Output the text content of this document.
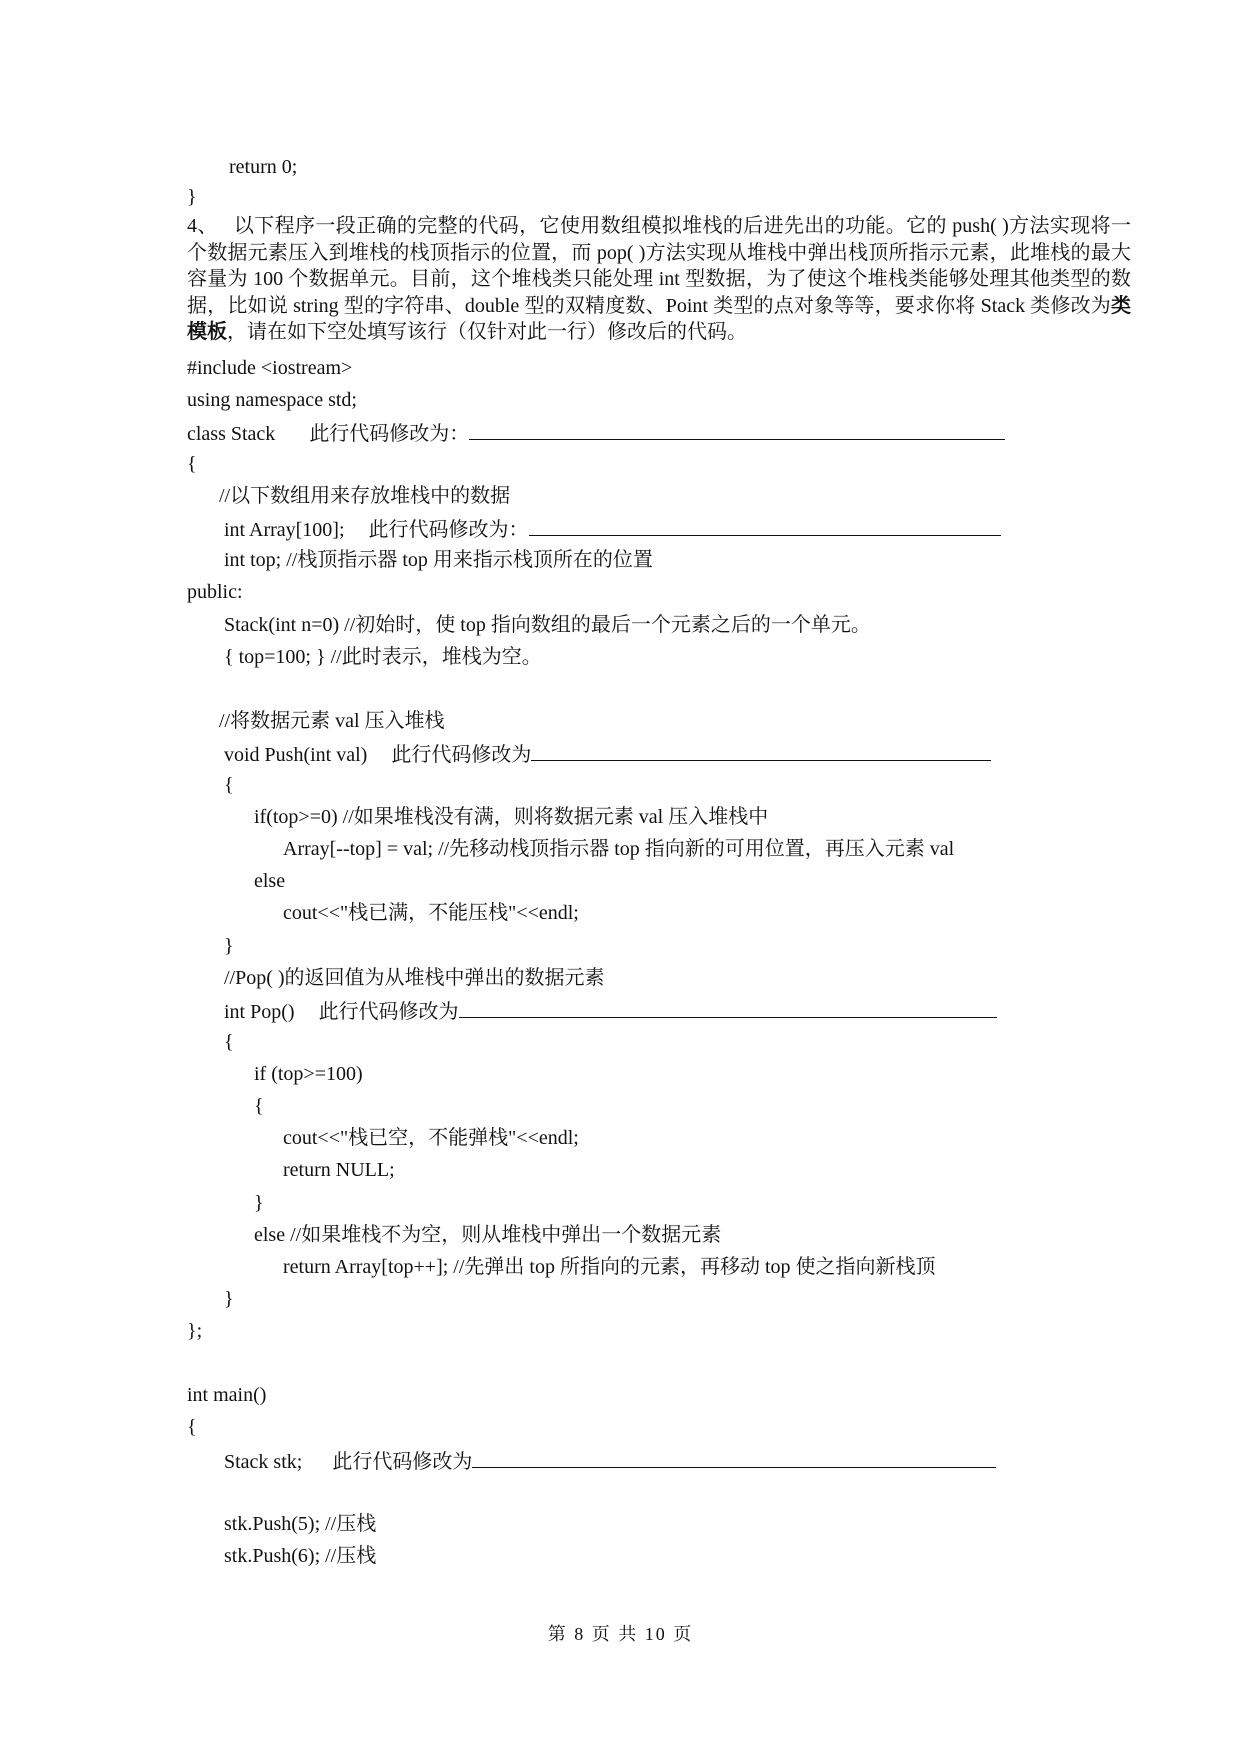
return 0;
}
4、 以下程序一段正确的完整的代码，它使用数组模拟堆栈的后进先出的功能。它的 push( )方法实现将一个数据元素压入到堆栈的栈顶指示的位置，而 pop( )方法实现从堆栈中弹出栈顶所指示元素，此堆栈的最大容量为 100 个数据单元。目前，这个堆栈类只能处理 int 型数据，为了使这个堆栈类能够处理其他类型的数据，比如说 string 型的字符串、double 型的双精度数、Point 类型的点对象等等，要求你将 Stack 类修改为类模板，请在如下空处填写该行（仅针对此一行）修改后的代码。
#include <iostream>
using namespace std;
class Stack 此行代码修改为：
{
//以下数组用来存放堆栈中的数据
int Array[100]; 此行代码修改为：
int top; //栈顶指示器 top 用来指示栈顶所在的位置
public:
Stack(int n=0) //初始时，使 top 指向数组的最后一个元素之后的一个单元。
{ top=100; } //此时表示，堆栈为空。
//将数据元素 val 压入堆栈
void Push(int val) 此行代码修改为
{
if(top>=0) //如果堆栈没有满，则将数据元素 val 压入堆栈中
Array[--top] = val; //先移动栈顶指示器 top 指向新的可用位置，再压入元素 val
else
cout<<"栈已满，不能压栈"<<endl;
}
//Pop( )的返回值为从堆栈中弹出的数据元素
int Pop() 此行代码修改为
{
if (top>=100)
{
cout<<"栈已空，不能弹栈"<<endl;
return NULL;
}
else //如果堆栈不为空，则从堆栈中弹出一个数据元素
return Array[top++]; //先弹出 top 所指向的元素，再移动 top 使之指向新栈顶
}
};
int main()
{
Stack stk; 此行代码修改为
stk.Push(5); //压栈
stk.Push(6); //压栈
第 8 页 共 10 页
